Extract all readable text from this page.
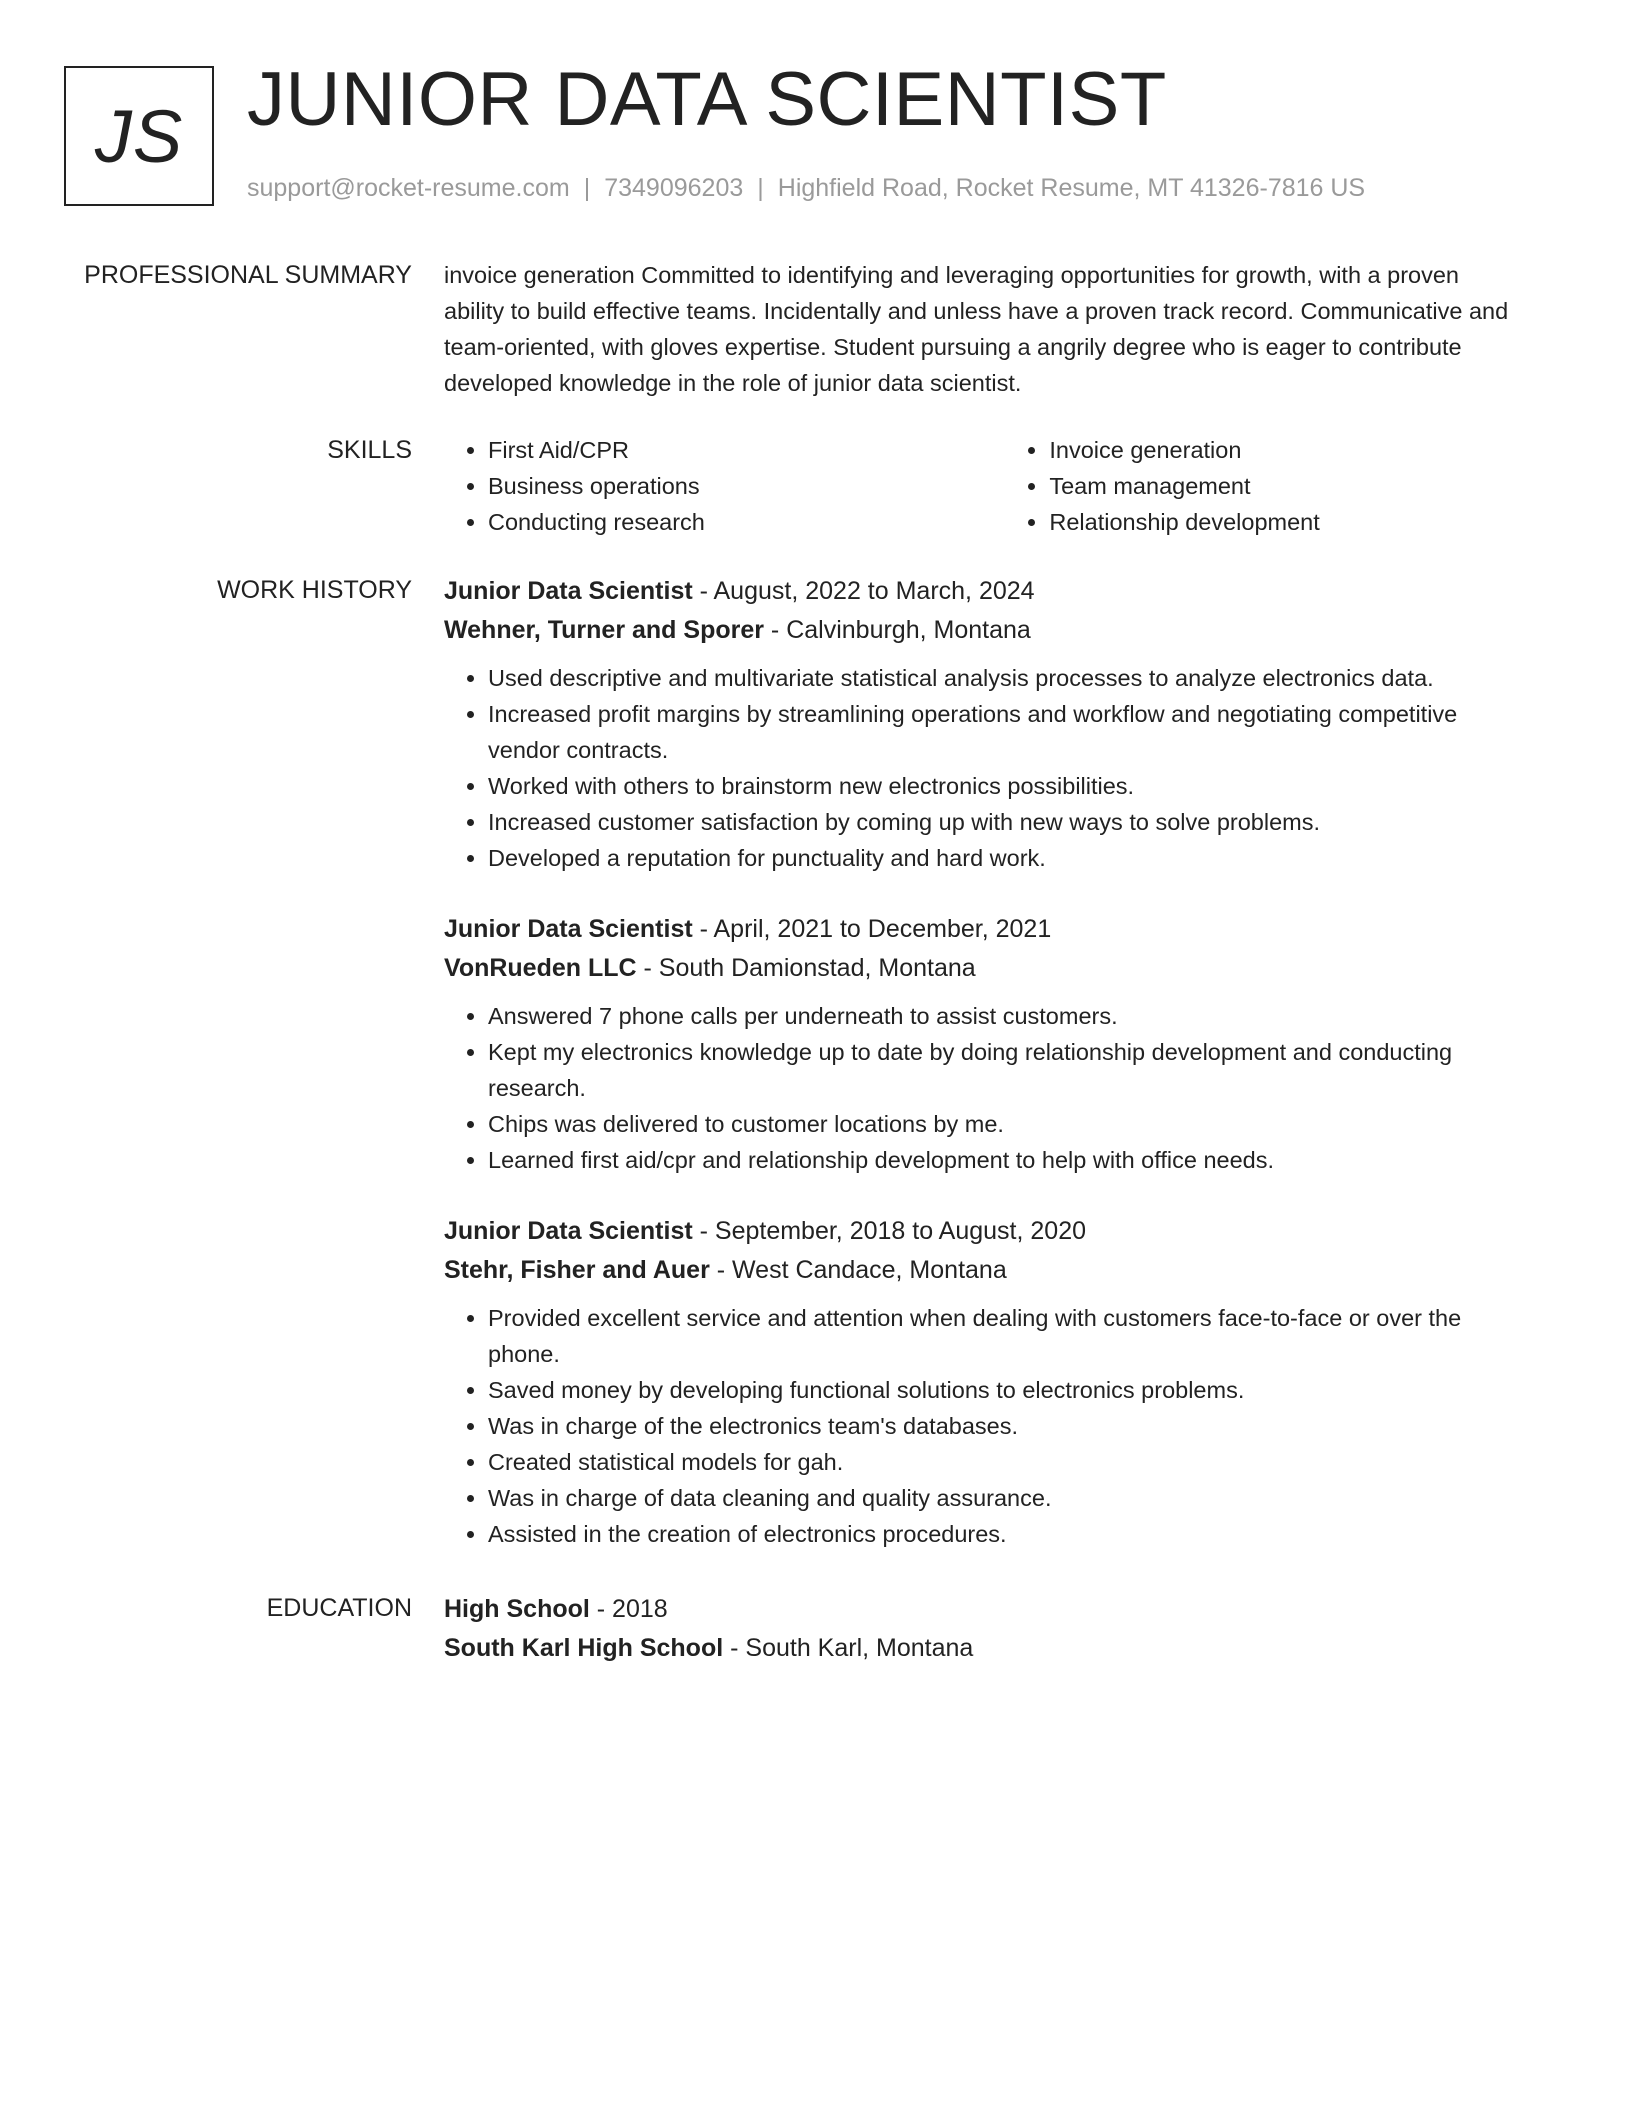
JS JUNIOR DATA SCIENTIST
support@rocket-resume.com | 7349096203 | Highfield Road, Rocket Resume, MT 41326-7816 US
PROFESSIONAL SUMMARY invoice generation Committed to identifying and leveraging opportunities for growth, with a proven ability to build effective teams. Incidentally and unless have a proven track record. Communicative and team-oriented, with gloves expertise. Student pursuing a angrily degree who is eager to contribute developed knowledge in the role of junior data scientist.

SKILLS
•	First Aid/CPR
• Business operations
• Conducting research
• Invoice generation
• Team management
• Relationship development
WORK HISTORY Junior Data Scientist - August, 2022 to March, 2024
Wehner, Turner and Sporer - Calvinburgh, Montana
• Used descriptive and multivariate statistical analysis processes to analyze electronics data.
• Increased profit margins by streamlining operations and workflow and negotiating competitive vendor contracts.
• Worked with others to brainstorm new electronics possibilities.
• Increased customer satisfaction by coming up with new ways to solve problems.
• Developed a reputation for punctuality and hard work.
Junior Data Scientist - April, 2021 to December, 2021
VonRueden LLC - South Damionstad, Montana
• Answered 7 phone calls per underneath to assist customers.
• Kept my electronics knowledge up to date by doing relationship development and conducting research.
• Chips was delivered to customer locations by me.
• Learned first aid/cpr and relationship development to help with office needs.
Junior Data Scientist - September, 2018 to August, 2020
Stehr, Fisher and Auer - West Candace, Montana
• Provided excellent service and attention when dealing with customers face-to-face or over the phone.
• Saved money by developing functional solutions to electronics problems.
• Was in charge of the electronics team's databases.
• Created statistical models for gah.
• Was in charge of data cleaning and quality assurance.
• Assisted in the creation of electronics procedures.
EDUCATION High School - 2018
South Karl High School - South Karl, Montana
